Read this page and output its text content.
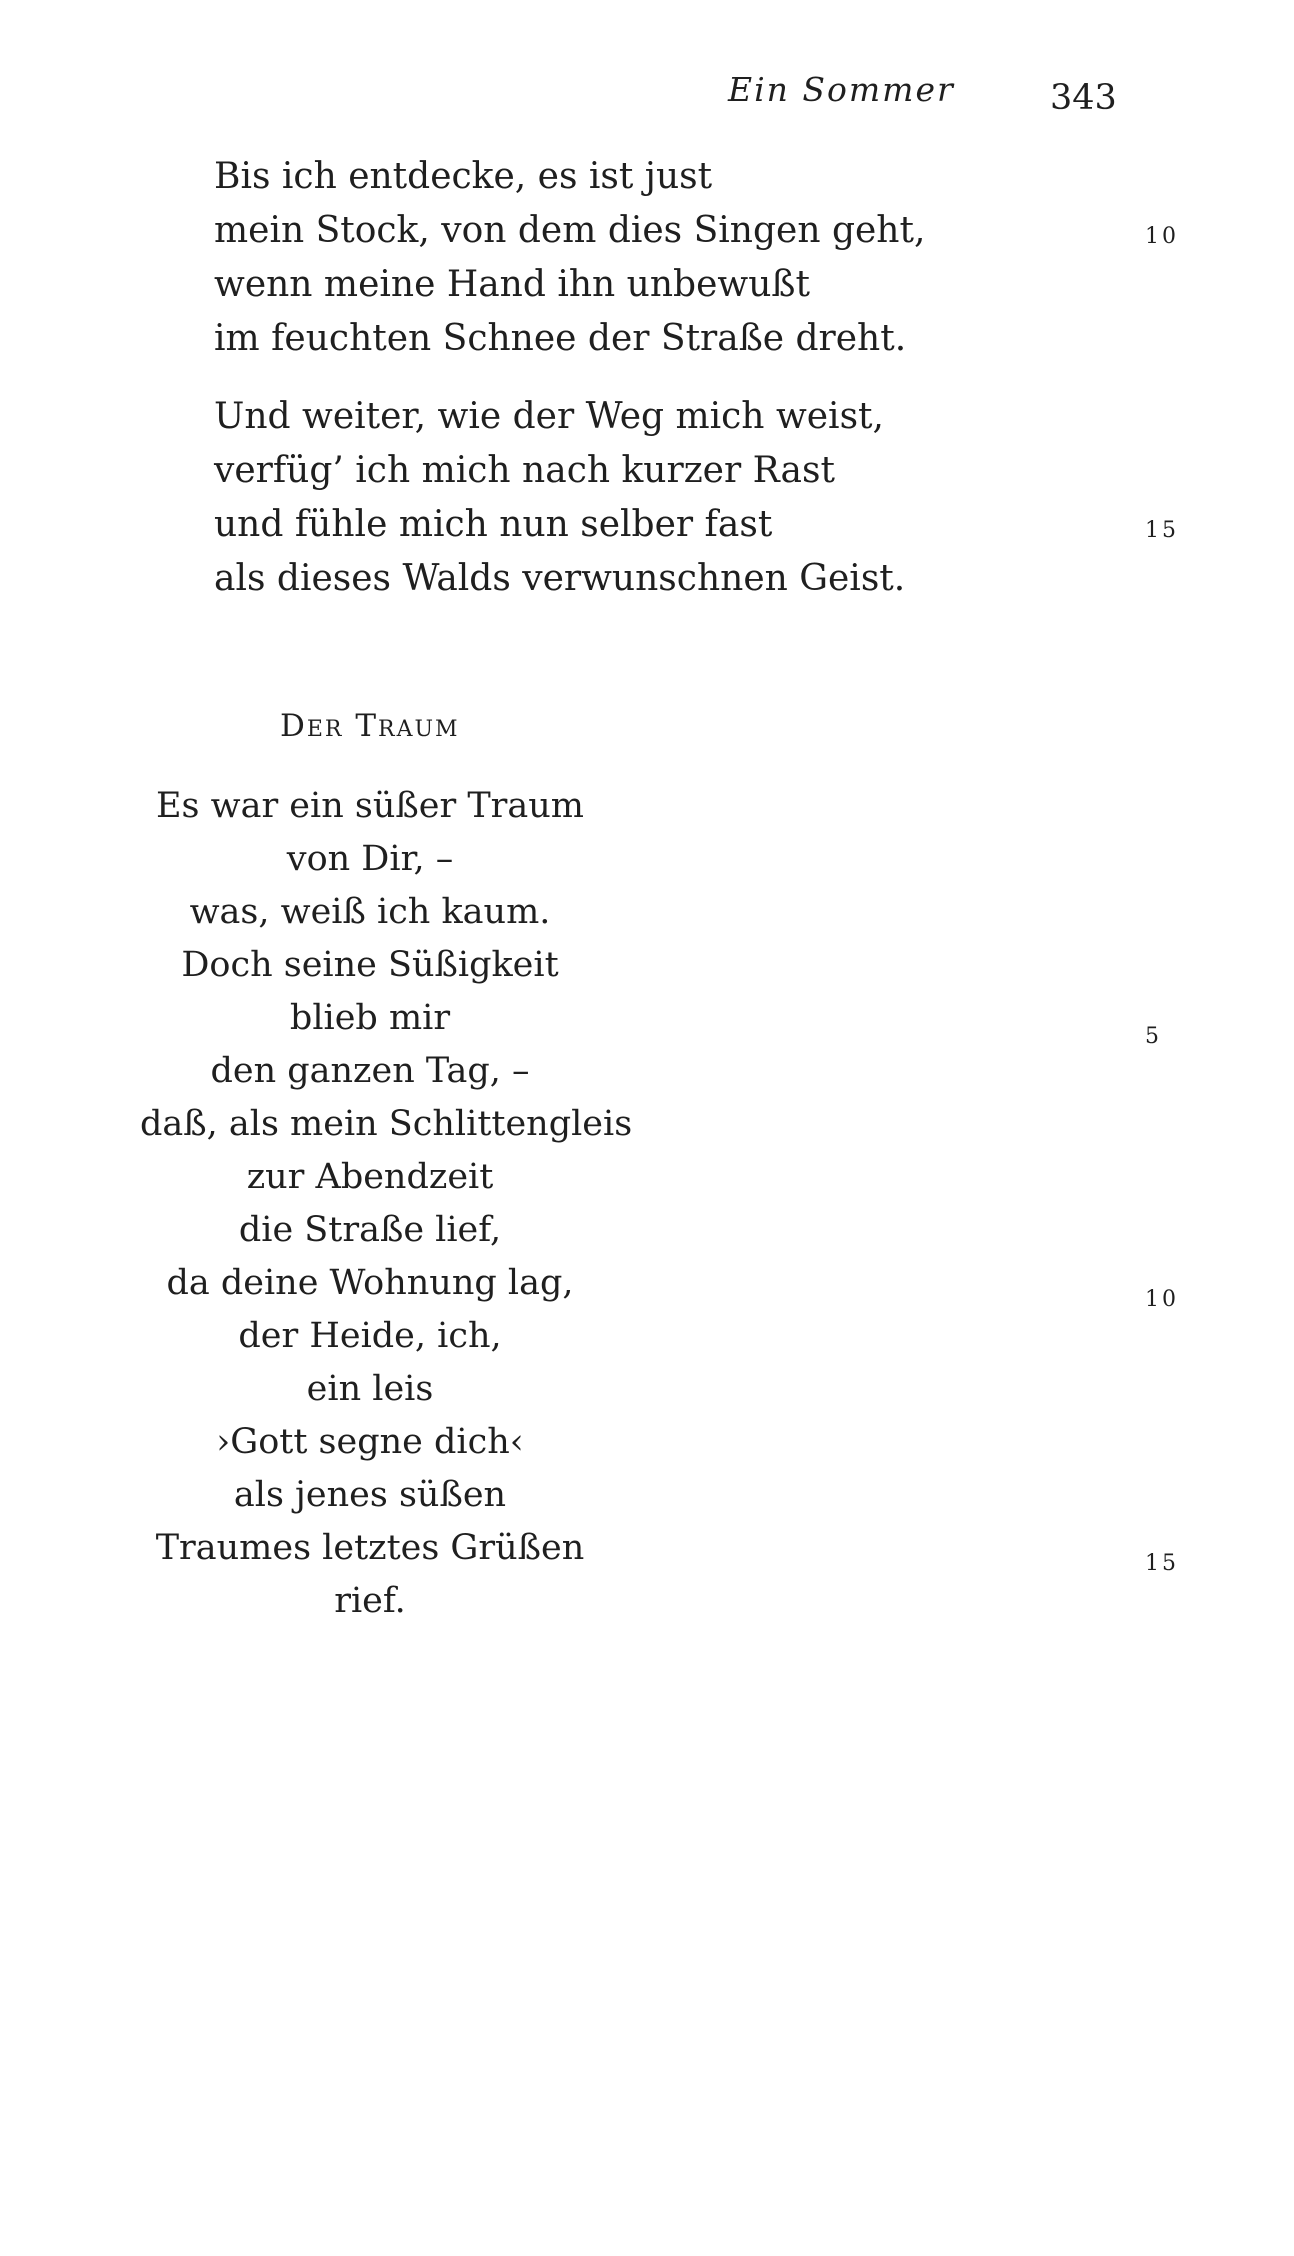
Ein Sommer	343
Bis ich entdecke, es ist just
mein Stock, von dem dies Singen geht,
wenn meine Hand ihn unbewußt
im feuchten Schnee der Straße dreht.
Und weiter, wie der Weg mich weist,
verfüg’ ich mich nach kurzer Rast
und fühle mich nun selber fast
als dieses Walds verwunschnen Geist.
10
15
Der Traum
Es war ein süßer Traum
von Dir, –
was, weiß ich kaum.
Doch seine Süßigkeit
blieb mir
den ganzen Tag, –
daß, als mein Schlittengleis
zur Abendzeit
die Straße lief,
da deine Wohnung lag,
der Heide, ich,
ein leis
›Gott segne dich‹
als jenes süßen
Traumes letztes Grüßen
rief.
5
10
15
